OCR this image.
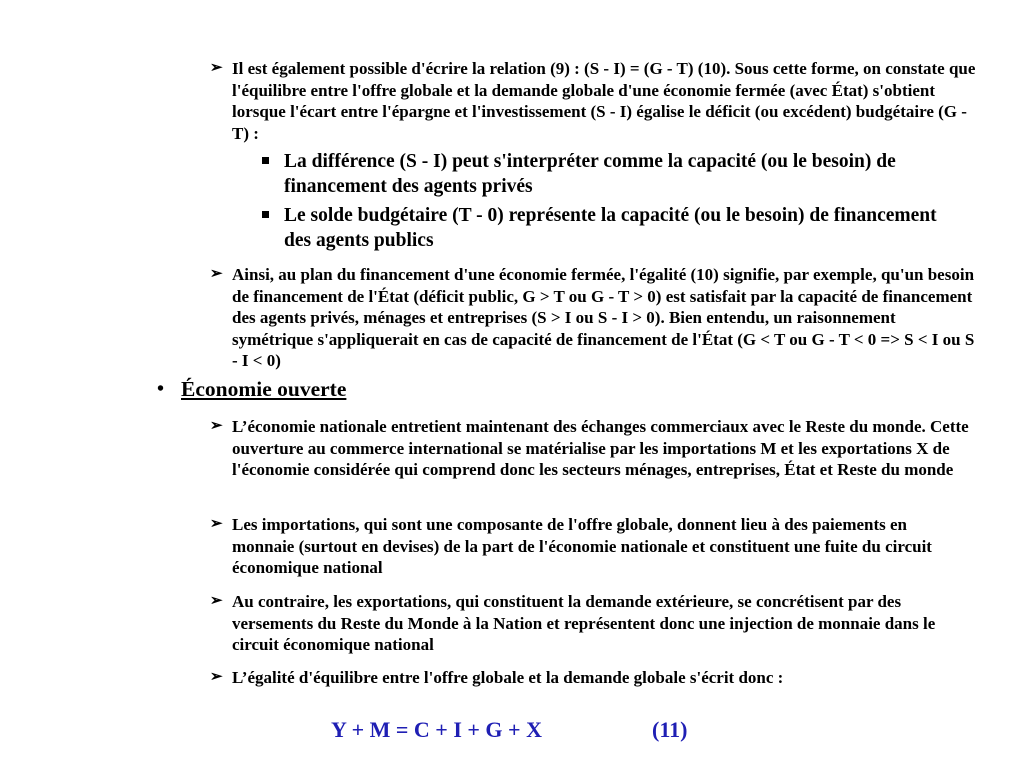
➢ Il est également possible d'écrire la relation (9) : (S - I) = (G - T) (10). Sous cette forme, on constate que l'équilibre entre l'offre globale et la demande globale d'une économie fermée (avec État) s'obtient lorsque l'écart entre l'épargne et l'investissement (S - I) égalise le déficit (ou excédent) budgétaire (G - T) :
La différence (S - I) peut s'interpréter comme la capacité (ou le besoin) de financement des agents privés
Le solde budgétaire (T - 0) représente la capacité (ou le besoin) de financement des agents publics
➢ Ainsi, au plan du financement d'une économie fermée, l'égalité (10) signifie, par exemple, qu'un besoin de financement de l'État (déficit public, G > T ou G - T > 0) est satisfait par la capacité de financement des agents privés, ménages et entreprises (S > I ou S - I > 0). Bien entendu, un raisonnement symétrique s'appliquerait en cas de capacité de financement de l'État (G < T ou G - T < 0 => S < I ou S - I < 0)
• Économie ouverte
➢ L’économie nationale entretient maintenant des échanges commerciaux avec le Reste du monde. Cette ouverture au commerce international se matérialise par les importations M et les exportations X de l'économie considérée qui comprend donc les secteurs ménages, entreprises, État et Reste du monde
➢ Les importations, qui sont une composante de l'offre globale, donnent lieu à des paiements en monnaie (surtout en devises) de la part de l'économie nationale et constituent une fuite du circuit économique national
➢ Au contraire, les exportations, qui constituent la demande extérieure, se concrétisent par des versements du Reste du Monde à la Nation et représentent donc une injection de monnaie dans le circuit économique national
➢ L’égalité d'équilibre entre l'offre globale et la demande globale s'écrit donc :
Y + M = C + I + G + X	(11)
